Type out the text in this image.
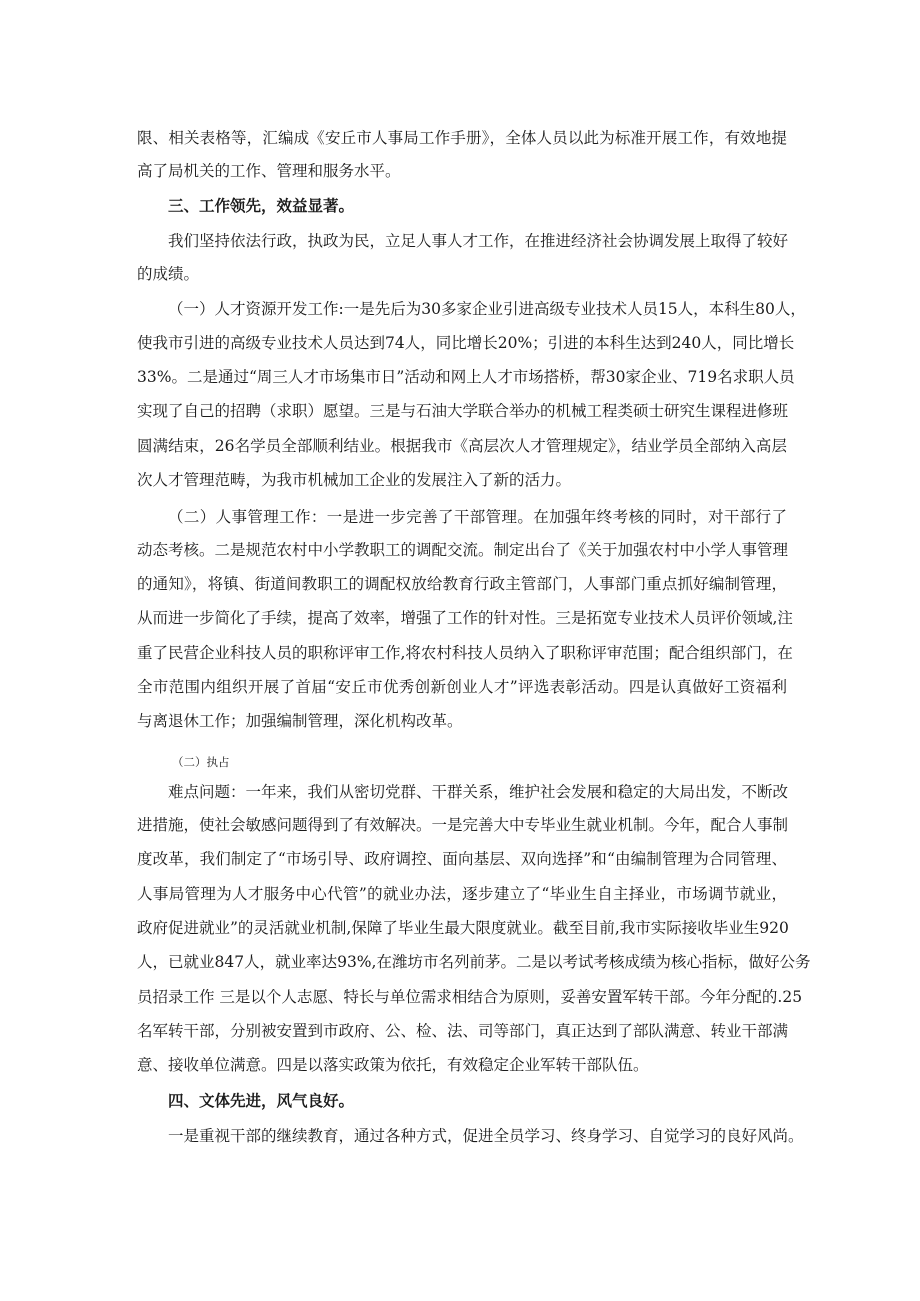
限、相关表格等，汇编成《安丘市人事局工作手册》，全体人员以此为标准开展工作，有效地提
高了局机关的工作、管理和服务水平。
三、工作领先，效益显著。
我们坚持依法行政，执政为民，立足人事人才工作，在推进经济社会协调发展上取得了较好
的成绩。
（一）人才资源开发工作:一是先后为30多家企业引进高级专业技术人员15人，本科生80人，
使我市引进的高级专业技术人员达到74人，同比增长20%；引进的本科生达到240人，同比增长
33%。二是通过“周三人才市场集市日”活动和网上人才市场搭桥，帮30家企业、719名求职人员
实现了自己的招聘（求职）愿望。三是与石油大学联合举办的机械工程类硕士研究生课程进修班
圆满结束，26名学员全部顺利结业。根据我市《高层次人才管理规定》，结业学员全部纳入高层
次人才管理范畴，为我市机械加工企业的发展注入了新的活力。
（二）人事管理工作：一是进一步完善了干部管理。在加强年终考核的同时，对干部行了
动态考核。二是规范农村中小学教职工的调配交流。制定出台了《关于加强农村中小学人事管理
的通知》，将镇、街道间教职工的调配权放给教育行政主管部门，人事部门重点抓好编制管理，
从而进一步简化了手续，提高了效率，增强了工作的针对性。三是拓宽专业技术人员评价领域,注
重了民营企业科技人员的职称评审工作,将农村科技人员纳入了职称评审范围；配合组织部门，在
全市范围内组织开展了首届“安丘市优秀创新创业人才”评选表彰活动。四是认真做好工资福利
与离退休工作；加强编制管理，深化机构改革。
（二）执占
难点问题：一年来，我们从密切党群、干群关系，维护社会发展和稳定的大局出发，不断改
进措施，使社会敏感问题得到了有效解决。一是完善大中专毕业生就业机制。今年，配合人事制
度改革，我们制定了“市场引导、政府调控、面向基层、双向选择”和“由编制管理为合同管理、
人事局管理为人才服务中心代管”的就业办法，逐步建立了“毕业生自主择业，市场调节就业，
政府促进就业”的灵活就业机制,保障了毕业生最大限度就业。截至目前,我市实际接收毕业生920
人，已就业847人，就业率达93%,在潍坊市名列前茅。二是以考试考核成绩为核心指标，做好公务
员招录工作 三是以个人志愿、特长与单位需求相结合为原则，妥善安置军转干部。今年分配的.25
名军转干部，分别被安置到市政府、公、检、法、司等部门，真正达到了部队满意、转业干部满
意、接收单位满意。四是以落实政策为依托，有效稳定企业军转干部队伍。
四、文体先进，风气良好。
一是重视干部的继续教育，通过各种方式，促进全员学习、终身学习、自觉学习的良好风尚。
